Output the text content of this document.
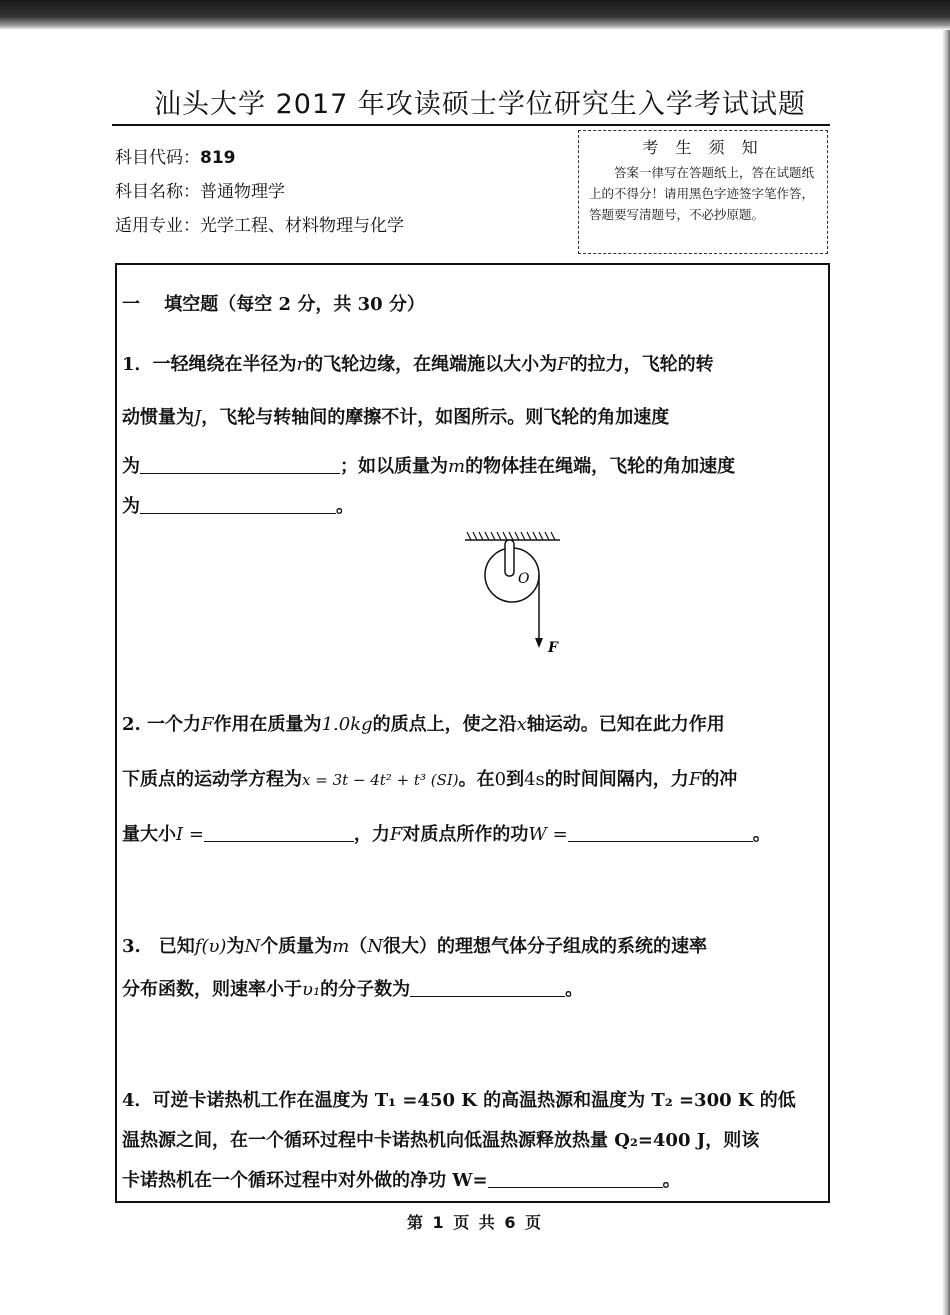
汕头大学 2017 年攻读硕士学位研究生入学考试试题
科目代码：819
科目名称：普通物理学
适用专业：光学工程、材料物理与化学
考 生 须 知
答案一律写在答题纸上，答在试题纸上的不得分！请用黑色字迹签字笔作答，答题要写清题号，不必抄原题。
一　 填空题（每空 2 分，共 30 分）
1．一轻绳绕在半径为r的飞轮边缘，在绳端施以大小为F的拉力，飞轮的转
动惯量为J，飞轮与转轴间的摩擦不计，如图所示。则飞轮的角加速度
为	；如以质量为m的物体挂在绳端，飞轮的角加速度
为	。
O
F
2. 一个力F作用在质量为1.0kg的质点上，使之沿x轴运动。已知在此力作用
下质点的运动学方程为x = 3t − 4t² + t³ (SI)。在0到4s的时间间隔内，力F的冲
量大小I =	，力F对质点所作的功W =	。
3.　已知f(υ)为N个质量为m（N很大）的理想气体分子组成的系统的速率
分布函数，则速率小于υ₁的分子数为	。
4．可逆卡诺热机工作在温度为 T₁ =450 K 的高温热源和温度为 T₂ =300 K 的低
温热源之间，在一个循环过程中卡诺热机向低温热源释放热量 Q₂=400 J，则该
卡诺热机在一个循环过程中对外做的净功 W=	。
第 1 页 共 6 页
